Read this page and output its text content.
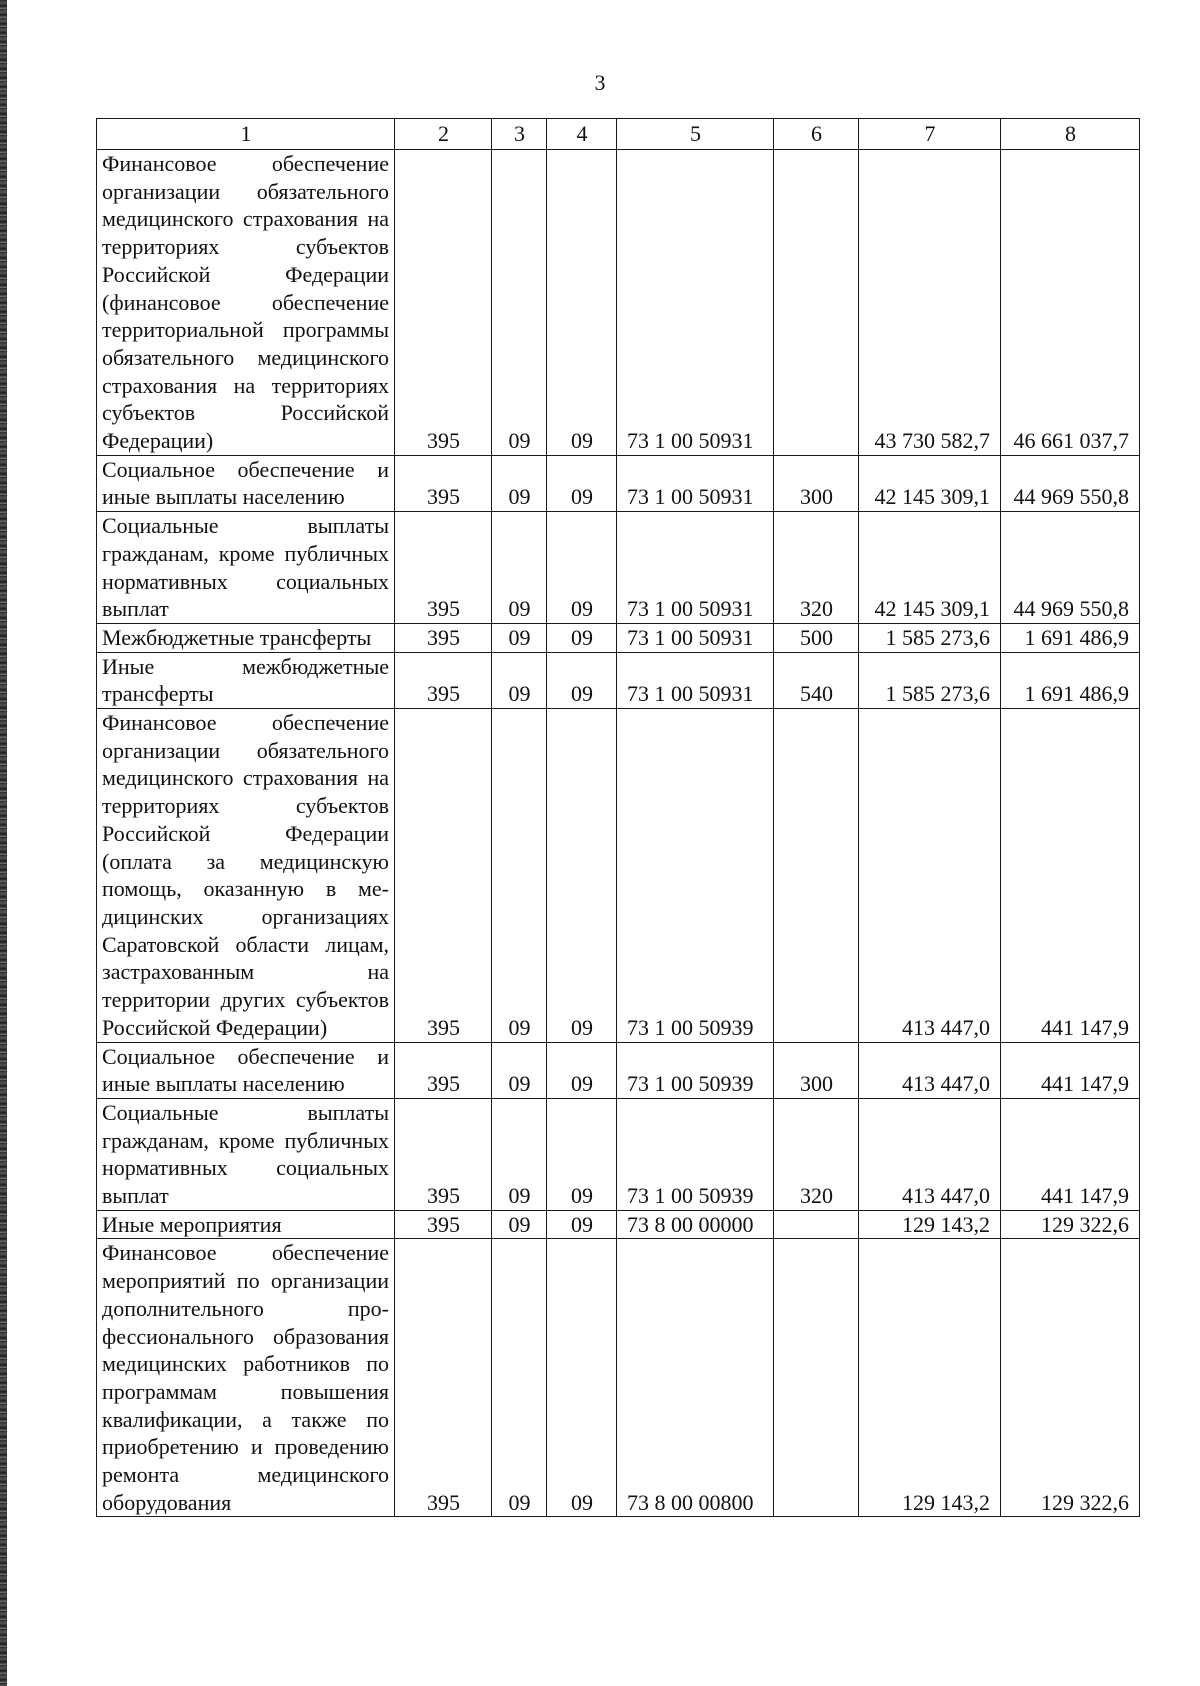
3
1	2	3	4	5	6	7	8
Финансовое обеспечение организации обязательного медицинского страхования на территориях субъектов Российской Федерации (финансовое обеспечение территориальной программы обязательного медицинского страхования на территориях субъектов Российской Федерации)	395	09	09	73 1 00 50931		43 730 582,7	46 661 037,7
Социальное обеспечение и иные выплаты населению	395	09	09	73 1 00 50931	300	42 145 309,1	44 969 550,8
Социальные выплаты гражданам, кроме публичных нормативных социальных выплат	395	09	09	73 1 00 50931	320	42 145 309,1	44 969 550,8
Межбюджетные трансферты	395	09	09	73 1 00 50931	500	1 585 273,6	1 691 486,9
Иные межбюджетные трансферты	395	09	09	73 1 00 50931	540	1 585 273,6	1 691 486,9
Финансовое обеспечение организации обязательного медицинского страхования на территориях субъектов Российской Федерации (оплата за медицинскую помощь, оказанную в медицинских организациях Саратовской области лицам, застрахованным на территории других субъектов Российской Федерации)	395	09	09	73 1 00 50939		413 447,0	441 147,9
Социальное обеспечение и иные выплаты населению	395	09	09	73 1 00 50939	300	413 447,0	441 147,9
Социальные выплаты гражданам, кроме публичных нормативных социальных выплат	395	09	09	73 1 00 50939	320	413 447,0	441 147,9
Иные мероприятия	395	09	09	73 8 00 00000		129 143,2	129 322,6
Финансовое обеспечение мероприятий по организации дополнительного профессионального образования медицинских работников по программам повышения квалификации, а также по приобретению и проведению ремонта медицинского оборудования	395	09	09	73 8 00 00800		129 143,2	129 322,6
